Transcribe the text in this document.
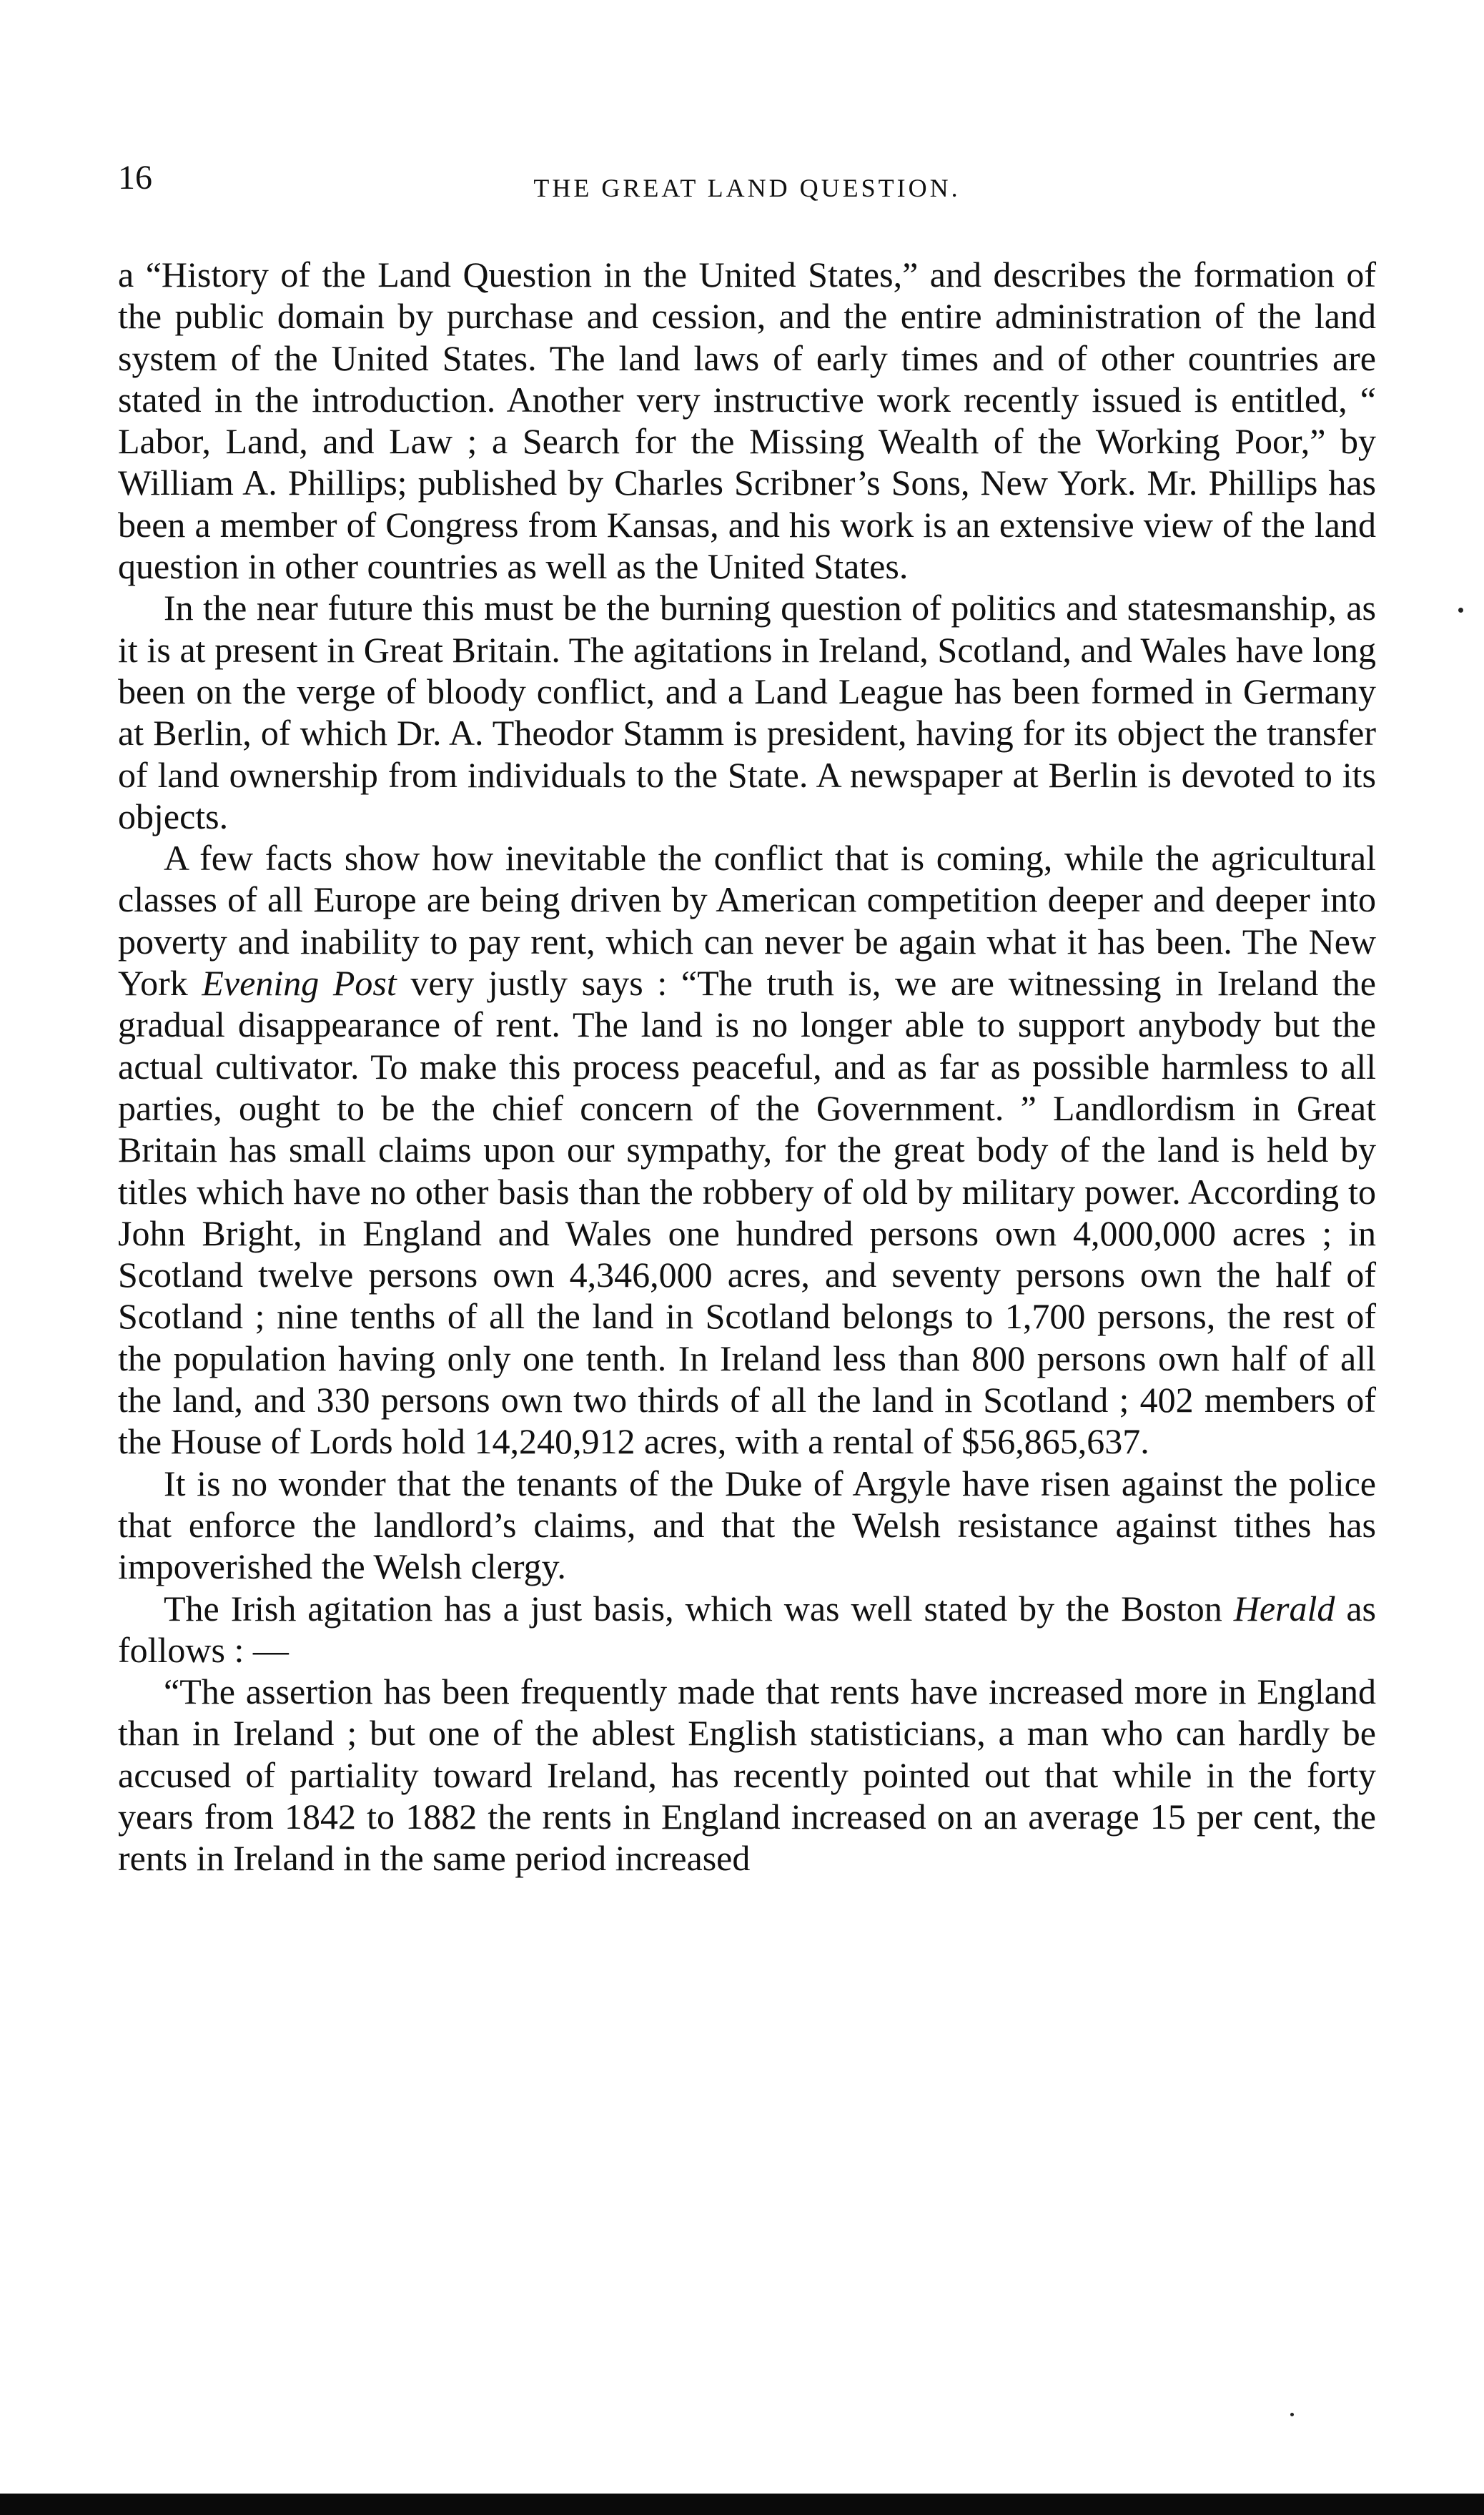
16	THE GREAT LAND QUESTION.

a “History of the Land Question in the United States,” and describes the formation of the public domain by purchase and cession, and the entire administration of the land system of the United States. The land laws of early times and of other countries are stated in the introduction. Another very instructive work recently issued is entitled, “ Labor, Land, and Law ; a Search for the Missing Wealth of the Working Poor,” by William A. Phillips; published by Charles Scribner’s Sons, New York. Mr. Phillips has been a member of Congress from Kansas, and his work is an extensive view of the land question in other countries as well as the United States.

In the near future this must be the burning question of politics and statesmanship, as it is at present in Great Britain. The agitations in Ireland, Scotland, and Wales have long been on the verge of bloody conflict, and a Land League has been formed in Germany at Berlin, of which Dr. A. Theodor Stamm is president, having for its object the transfer of land ownership from individuals to the State. A newspaper at Berlin is devoted to its objects.

A few facts show how inevitable the conflict that is coming, while the agricultural classes of all Europe are being driven by American competition deeper and deeper into poverty and inability to pay rent, which can never be again what it has been. The New York Evening Post very justly says : “The truth is, we are witnessing in Ireland the gradual disappearance of rent. The land is no longer able to support anybody but the actual cultivator. To make this process peaceful, and as far as possible harmless to all parties, ought to be the chief concern of the Government. ” Landlordism in Great Britain has small claims upon our sympathy, for the great body of the land is held by titles which have no other basis than the robbery of old by military power. According to John Bright, in England and Wales one hundred persons own 4,000,000 acres ; in Scotland twelve persons own 4,346,000 acres, and seventy persons own the half of Scotland ; nine tenths of all the land in Scotland belongs to 1,700 persons, the rest of the population having only one tenth. In Ireland less than 800 persons own half of all the land, and 330 persons own two thirds of all the land in Scotland ; 402 members of the House of Lords hold 14,240,912 acres, with a rental of $56,865,637.

It is no wonder that the tenants of the Duke of Argyle have risen against the police that enforce the landlord’s claims, and that the Welsh resistance against tithes has impoverished the Welsh clergy.

The Irish agitation has a just basis, which was well stated by the Boston Herald as follows : —

“The assertion has been frequently made that rents have increased more in England than in Ireland ; but one of the ablest English statisticians, a man who can hardly be accused of partiality toward Ireland, has recently pointed out that while in the forty years from 1842 to 1882 the rents in England increased on an average 15 per cent, the rents in Ireland in the same period increased
